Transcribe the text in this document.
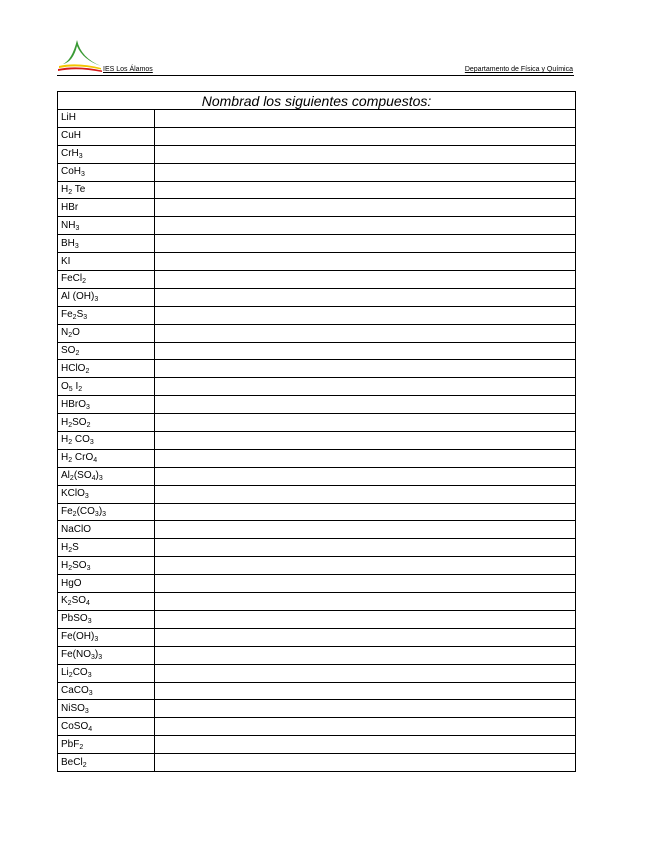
IES Los Álamos	Departamento de Física y Química
Nombrad los siguientes compuestos:	
LiH	
CuH	
CrH$_3$	
CoH$_3$	
$H_2$ Te	
HBr	
$NH_3$	
$BH_3$	
KI	
FeCl$_2$	
Al $(OH)_3$	
$Fe_2S_3$	
$N_2O$	
$SO_2$	
HClO$_2$	
$O_5$ $I_2$	
HBrO$_3$	
$H_2SO_2$	
$H_2$ $CO_3$	
$H_2$ CrO$_4$	
$Al_2(SO_4)_3$	
KClO$_3$	
$Fe_2(CO_3)_3$	
NaClO	
$H_2S$	
$H_2SO_3$	
HgO	
$K_2SO_4$	
PbSO$_3$	
$Fe(OH)_3$	
$Fe(NO_3)_3$	
$Li_2CO_3$	
CaCO$_3$	
NiSO$_3$	
CoSO$_4$	
PbF$_2$	
BeCl$_2$	
